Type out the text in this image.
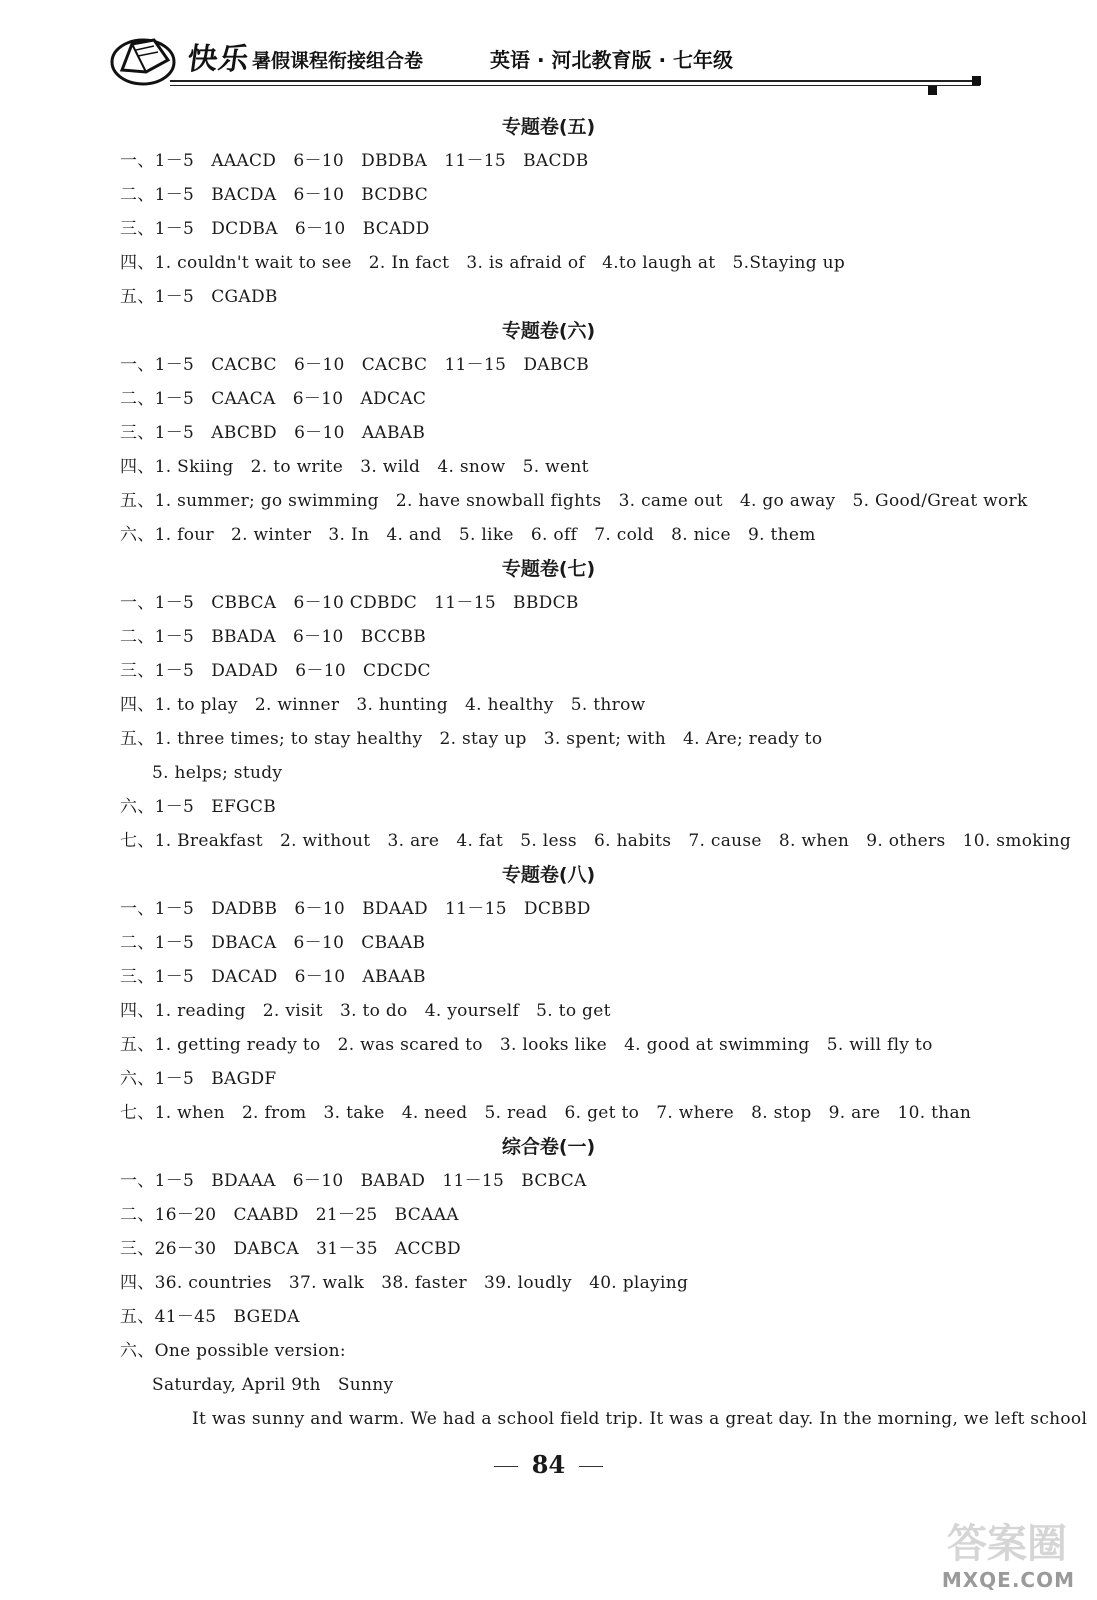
快乐 暑假课程衔接组合卷	英语 · 河北教育版 · 七年级
专题卷(五)
一、1－5   AAACD   6－10   DBDBA   11－15   BACDB
二、1－5   BACDA   6－10   BCDBC
三、1－5   DCDBA   6－10   BCADD
四、1. couldn't wait to see   2. In fact   3. is afraid of   4.to laugh at   5.Staying up
五、1－5   CGADB
专题卷(六)
一、1－5   CACBC   6－10   CACBC   11－15   DABCB
二、1－5   CAACA   6－10   ADCAC
三、1－5   ABCBD   6－10   AABAB
四、1. Skiing   2. to write   3. wild   4. snow   5. went
五、1. summer; go swimming   2. have snowball fights   3. came out   4. go away   5. Good/Great work
六、1. four   2. winter   3. In   4. and   5. like   6. off   7. cold   8. nice   9. them
专题卷(七)
一、1－5   CBBCA   6－10 CDBDC   11－15   BBDCB
二、1－5   BBADA   6－10   BCCBB
三、1－5   DADAD   6－10   CDCDC
四、1. to play   2. winner   3. hunting   4. healthy   5. throw
五、1. three times; to stay healthy   2. stay up   3. spent; with   4. Are; ready to
5. helps; study
六、1－5   EFGCB
七、1. Breakfast   2. without   3. are   4. fat   5. less   6. habits   7. cause   8. when   9. others   10. smoking
专题卷(八)
一、1－5   DADBB   6－10   BDAAD   11－15   DCBBD
二、1－5   DBACA   6－10   CBAAB
三、1－5   DACAD   6－10   ABAAB
四、1. reading   2. visit   3. to do   4. yourself   5. to get
五、1. getting ready to   2. was scared to   3. looks like   4. good at swimming   5. will fly to
六、1－5   BAGDF
七、1. when   2. from   3. take   4. need   5. read   6. get to   7. where   8. stop   9. are   10. than
综合卷(一)
一、1－5   BDAAA   6－10   BABAD   11－15   BCBCA
二、16－20   CAABD   21－25   BCAAA
三、26－30   DABCA   31－35   ACCBD
四、36. countries   37. walk   38. faster   39. loudly   40. playing
五、41－45   BGEDA
六、One possible version:
Saturday, April 9th   Sunny
It was sunny and warm. We had a school field trip. It was a great day. In the morning, we left school
84
答案圈
MXQE.COM
